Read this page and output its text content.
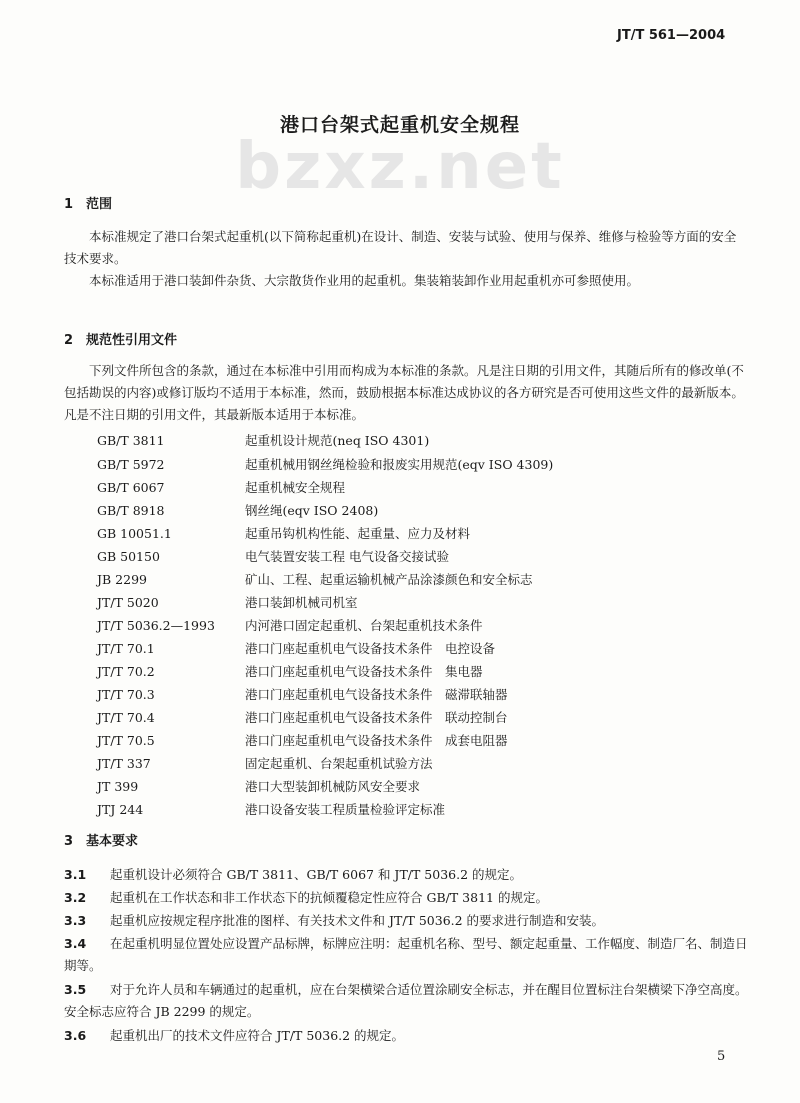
JT/T 561—2004
bzxz.net
港口台架式起重机安全规程
1　范围
本标准规定了港口台架式起重机(以下简称起重机)在设计、制造、安装与试验、使用与保养、维修与检验等方面的安全技术要求。
本标准适用于港口装卸件杂货、大宗散货作业用的起重机。集装箱装卸作业用起重机亦可参照使用。
2　规范性引用文件
下列文件所包含的条款，通过在本标准中引用而构成为本标准的条款。凡是注日期的引用文件，其随后所有的修改单(不包括勘误的内容)或修订版均不适用于本标准，然而，鼓励根据本标准达成协议的各方研究是否可使用这些文件的最新版本。凡是不注日期的引用文件，其最新版本适用于本标准。
GB/T 3811	起重机设计规范(neq ISO 4301)
GB/T 5972	起重机械用钢丝绳检验和报废实用规范(eqv ISO 4309)
GB/T 6067	起重机械安全规程
GB/T 8918	钢丝绳(eqv ISO 2408)
GB 10051.1	起重吊钩机构性能、起重量、应力及材料
GB 50150	电气装置安装工程 电气设备交接试验
JB 2299	矿山、工程、起重运输机械产品涂漆颜色和安全标志
JT/T 5020	港口装卸机械司机室
JT/T 5036.2—1993 内河港口固定起重机、台架起重机技术条件
JT/T 70.1	港口门座起重机电气设备技术条件　电控设备
JT/T 70.2	港口门座起重机电气设备技术条件　集电器
JT/T 70.3	港口门座起重机电气设备技术条件　磁滞联轴器
JT/T 70.4	港口门座起重机电气设备技术条件　联动控制台
JT/T 70.5	港口门座起重机电气设备技术条件　成套电阻器
JT/T 337	固定起重机、台架起重机试验方法
JT 399	港口大型装卸机械防风安全要求
JTJ 244	港口设备安装工程质量检验评定标准
3　基本要求
3.1 起重机设计必须符合 GB/T 3811、GB/T 6067 和 JT/T 5036.2 的规定。
3.2 起重机在工作状态和非工作状态下的抗倾覆稳定性应符合 GB/T 3811 的规定。
3.3 起重机应按规定程序批准的图样、有关技术文件和 JT/T 5036.2 的要求进行制造和安装。
3.4 在起重机明显位置处应设置产品标牌，标牌应注明：起重机名称、型号、额定起重量、工作幅度、制造厂名、制造日期等。
3.5 对于允许人员和车辆通过的起重机，应在台架横梁合适位置涂刷安全标志，并在醒目位置标注台架横梁下净空高度。安全标志应符合 JB 2299 的规定。
3.6 起重机出厂的技术文件应符合 JT/T 5036.2 的规定。
5
